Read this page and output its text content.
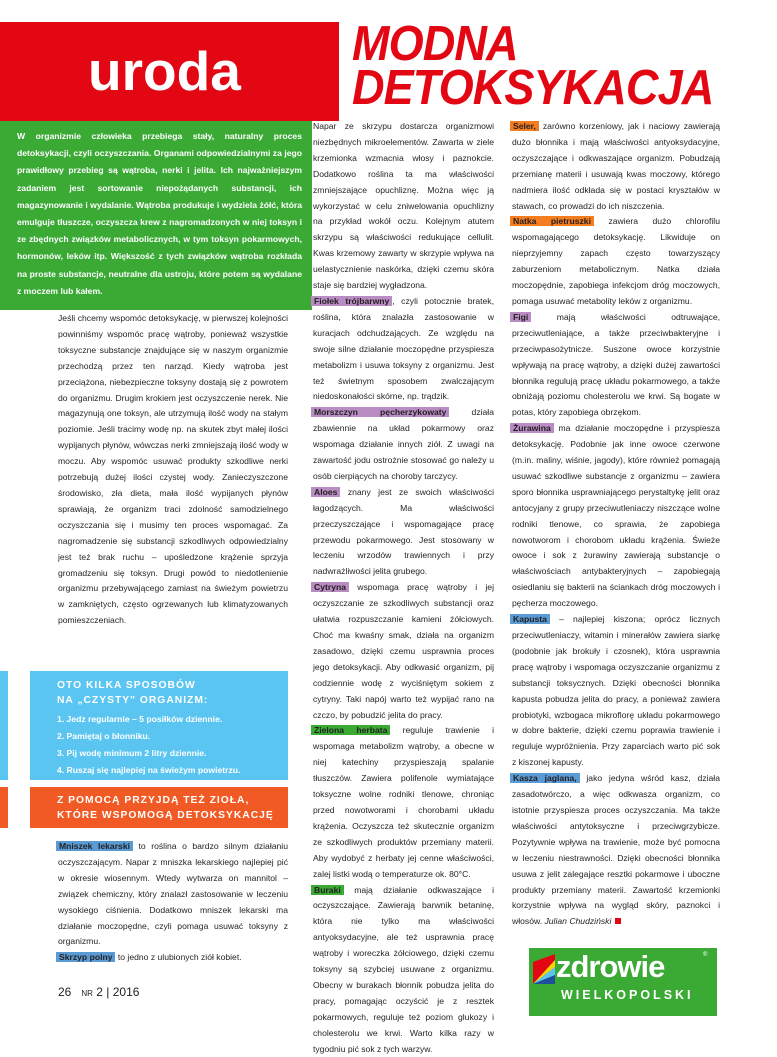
uroda MODNA
DETOKSYKACJA

W organizmie człowieka przebiega stały, naturalny proces detoksykacji, czyli oczyszczania. Organami odpowiedzialnymi za jego prawidłowy przebieg są wątroba, nerki i jelita. Ich najważniejszym zadaniem jest sortowanie niepożądanych substancji, ich magazynowanie i wydalanie. Wątroba produkuje i wydziela żółć, która emulguje tłuszcze, oczyszcza krew z nagromadzonych w niej toksyn i ze zbędnych związków metabolicznych, w tym toksyn pokarmowych, hormonów, leków itp. Większość z tych związków wątroba rozkłada na proste substancje, neutralne dla ustroju, które potem są wydalane z moczem lub kałem.

Jeśli chcemy wspomóc detoksykację, w pierwszej kolejności powinniśmy wspomóc pracę wątroby, ponieważ wszystkie toksyczne substancje znajdujące się w naszym organizmie przechodzą przez ten narząd. Kiedy wątroba jest przeciążona, niebezpieczne toksyny dostają się z powrotem do organizmu. Drugim krokiem jest oczyszczenie nerek. Nie magazynują one toksyn, ale utrzymują ilość wody na stałym poziomie. Jeśli tracimy wodę np. na skutek zbyt małej ilości wypijanych płynów, wówczas nerki zmniejszają ilość wody w moczu. Aby wspomóc usuwać produkty szkodliwe nerki potrzebują dużej ilości czystej wody. Zanieczyszczone środowisko, zła dieta, mała ilość wypijanych płynów sprawiają, że organizm traci zdolność samodzielnego oczyszczania się i musimy ten proces wspomagać. Za nagromadzenie się substancji szkodliwych odpowiedzialny jest też brak ruchu – upośledzone krążenie sprzyja gromadzeniu się toksyn. Drugi powód to niedotlenienie organizmu przebywającego zamiast na świeżym powietrzu w zamkniętych, często ogrzewanych lub klimatyzowanych pomieszczeniach.

OTO KILKA SPOSOBÓW
NA „CZYSTY" ORGANIZM:
1. Jedz regularnie – 5 posiłków dziennie.
2. Pamiętaj o błonniku.
3. Pij wodę minimum 2 litry dziennie.
4. Ruszaj się najlepiej na świeżym powietrzu.
Z POMOCĄ PRZYJDĄ TEŻ ZIOŁA,
KTÓRE WSPOMOGĄ DETOKSYKACJĘ

Mniszek lekarski to roślina o bardzo silnym działaniu oczyszczającym. Napar z mniszka lekarskiego najlepiej pić w okresie wiosennym. Wtedy wytwarza on mannitol – związek chemiczny, który znalazł zastosowanie w leczeniu wysokiego ciśnienia. Dodatkowo mniszek lekarski ma działanie moczopędne, czyli pomaga usuwać toksyny z organizmu.

Skrzyp polny to jedno z ulubionych ziół kobiet.

Napar ze skrzypu dostarcza organizmowi niezbędnych mikroelementów. Zawarta w ziele krzemionka wzmacnia włosy i paznokcie. Dodatkowo roślina ta ma właściwości zmniejszające opuchliznę. Można więc ją wykorzystać w celu zniwelowania opuchlizny na przykład wokół oczu. Kolejnym atutem skrzypu są właściwości redukujące cellulit. Kwas krzemowy zawarty w skrzypie wpływa na uelastycznienie naskórka, dzięki czemu skóra staje się bardziej wygładzona.

Fiołek trójbarwny , czyli potocznie bratek, roślina, która znalazła zastosowanie w kuracjach odchudzających. Ze względu na swoje silne działanie moczopędne przyspiesza metabolizm i usuwa toksyny z organizmu. Jest też świetnym sposobem zwalczającym niedoskonałości skórne, np. trądzik.

Morszczyn pęcherzykowaty działa zbawiennie na układ pokarmowy oraz wspomaga działanie innych ziół. Z uwagi na zawartość jodu ostrożnie stosować go należy u osób cierpiących na choroby tarczycy.

Aloes znany jest ze swoich właściwości łagodzących. Ma właściwości przeczyszczające i wspomagające pracę przewodu pokarmowego. Jest stosowany w leczeniu wrzodów trawiennych i przy nadwrażliwości jelita grubego.

Cytryna wspomaga pracę wątroby i jej oczyszczanie ze szkodliwych substancji oraz ułatwia rozpuszczanie kamieni żółciowych. Choć ma kwaśny smak, działa na organizm zasadowo, dzięki czemu usprawnia proces jego detoksykacji. Aby odkwasić organizm, pij codziennie wodę z wyciśniętym sokiem z cytryny. Taki napój warto też wypijać rano na czczo, by pobudzić jelita do pracy.

Zielona herbata reguluje trawienie i wspomaga metabolizm wątroby, a obecne w niej katechiny przyspieszają spalanie tłuszczów. Zawiera polifenole wymiatające toksyczne wolne rodniki tlenowe, chroniąc przed nowotworami i chorobami układu krążenia. Oczyszcza też skutecznie organizm ze szkodliwych produktów przemiany materii. Aby wydobyć z herbaty jej cenne właściwości, zalej listki wodą o temperaturze ok. 80°C.

Buraki mają działanie odkwaszające i oczyszczające. Zawierają barwnik betaninę, która nie tylko ma właściwości antyoksydacyjne, ale też usprawnia pracę wątroby i woreczka żółciowego, dzięki czemu toksyny są szybciej usuwane z organizmu. Obecny w burakach błonnik pobudza jelita do pracy, pomagając oczyścić je z resztek pokarmowych, reguluje też poziom glukozy i cholesterolu we krwi. Warto kilka razy w tygodniu pić sok z tych warzyw.

Seler, zarówno korzeniowy, jak i naciowy zawierają dużo błonnika i mają właściwości antyoksydacyjne, oczyszczające i odkwaszające organizm. Pobudzają przemianę materii i usuwają kwas moczowy, którego nadmiera ilość odkłada się w postaci kryształów w stawach, co prowadzi do ich niszczenia.

Natka pietruszki zawiera dużo chlorofilu wspomagającego detoksykację. Likwiduje on nieprzyjemny zapach często towarzyszący zaburzeniom metabolicznym. Natka działa moczopędnie, zapobiega infekcjom dróg moczowych, pomaga usuwać metabolity leków z organizmu.

Figi mają właściwości odtruwające, przeciwutleniające, a także przeciwbakteryjne i przeciwpasożytnicze. Suszone owoce korzystnie wpływają na pracę wątroby, a dzięki dużej zawartości błonnika regulują pracę układu pokarmowego, a także obniżają poziomu cholesterolu we krwi. Są bogate w potas, który zapobiega obrzękom.

Żurawina ma działanie moczopędne i przyspiesza detoksykację. Podobnie jak inne owoce czerwone (m.in. maliny, wiśnie, jagody), które również pomagają usuwać szkodliwe substancje z organizmu – zawiera sporo błonnika usprawniającego perystaltykę jelit oraz antocyjany z grupy przeciwutleniaczy niszczące wolne rodniki tlenowe, co sprawia, że zapobiega nowotworom i chorobom układu krążenia. Świeże owoce i sok z żurawiny zawierają substancje o właściwościach antybakteryjnych – zapobiegają osiedlaniu się bakterii na ściankach dróg moczowych i pęcherza moczowego.

Kapusta – najlepiej kiszona; oprócz licznych przeciwutleniaczy, witamin i minerałów zawiera siarkę (podobnie jak brokuły i czosnek), która usprawnia pracę wątroby i wspomaga oczyszczanie organizmu z substancji toksycznych. Dzięki obecności błonnika kapusta pobudza jelita do pracy, a ponieważ zawiera probiotyki, wzbogaca mikroflorę układu pokarmowego w dobre bakterie, dzięki czemu poprawia trawienie i reguluje wypróżnienia. Przy zaparciach warto pić sok z kiszonej kapusty.

Kasza jaglana, jako jedyna wśród kasz, działa zasadotwórczo, a więc odkwasza organizm, co istotnie przyspiesza proces oczyszczania. Ma także właściwości antytoksyczne i przeciwgrzybicze. Pozytywnie wpływa na trawienie, może być pomocna w leczeniu niestrawności. Dzięki obecności błonnika usuwa z jelit zalegające resztki pokarmowe i uboczne produkty przemiany materii. Zawartość krzemionki korzystnie wpływa na wygląd skóry, paznokci i włosów. Julian Chudziński

26 NR 2 | 2016
zdrowie
WIELKOPOLSKI
®
